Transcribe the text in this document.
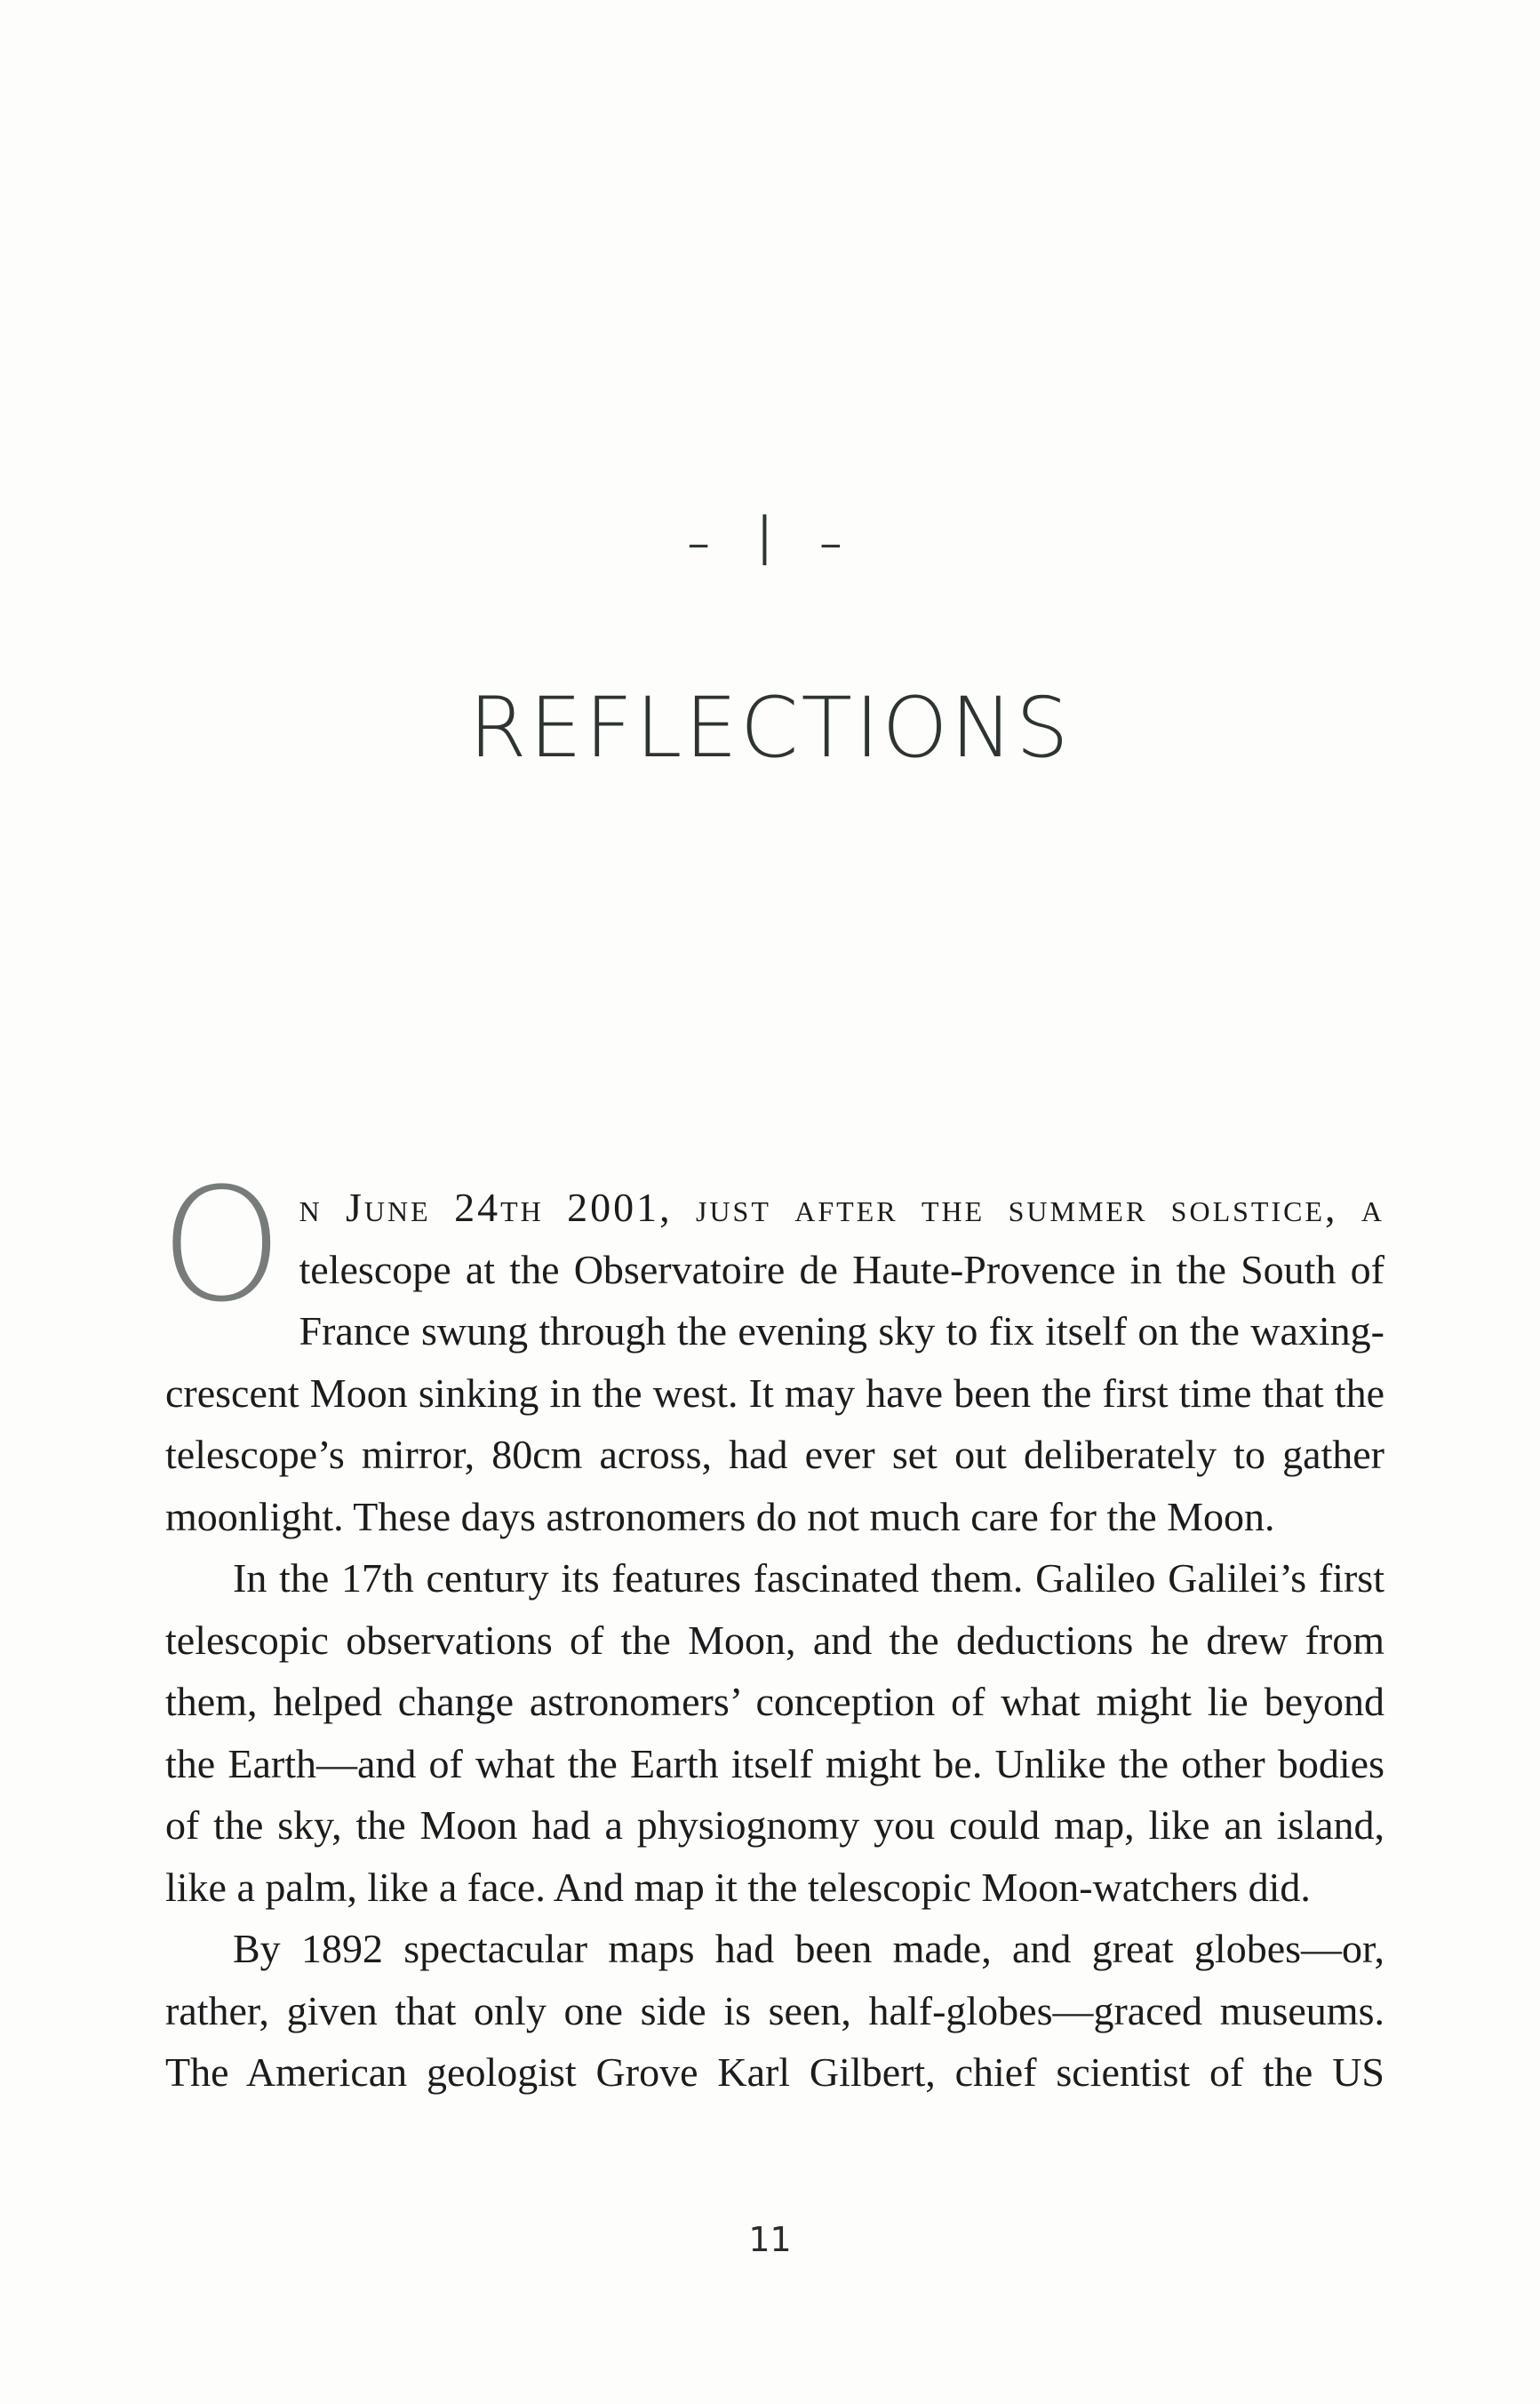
- I -
REFLECTIONS

On June 24th 2001, just after the summer solstice, a telescope at the Observatoire de Haute-Provence in the South of France swung through the evening sky to fix itself on the waxing-crescent Moon sinking in the west. It may have been the first time that the telescope’s mirror, 80cm across, had ever set out deliberately to gather moonlight. These days astronomers do not much care for the Moon.

In the 17th century its features fascinated them. Galileo Galilei’s first telescopic observations of the Moon, and the deductions he drew from them, helped change astronomers’ conception of what might lie beyond the Earth—and of what the Earth itself might be. Unlike the other bodies of the sky, the Moon had a physiognomy you could map, like an island, like a palm, like a face. And map it the telescopic Moon-watchers did.

By 1892 spectacular maps had been made, and great globes—or, rather, given that only one side is seen, half-globes—graced museums. The American geologist Grove Karl Gilbert, chief scientist of the US

11
